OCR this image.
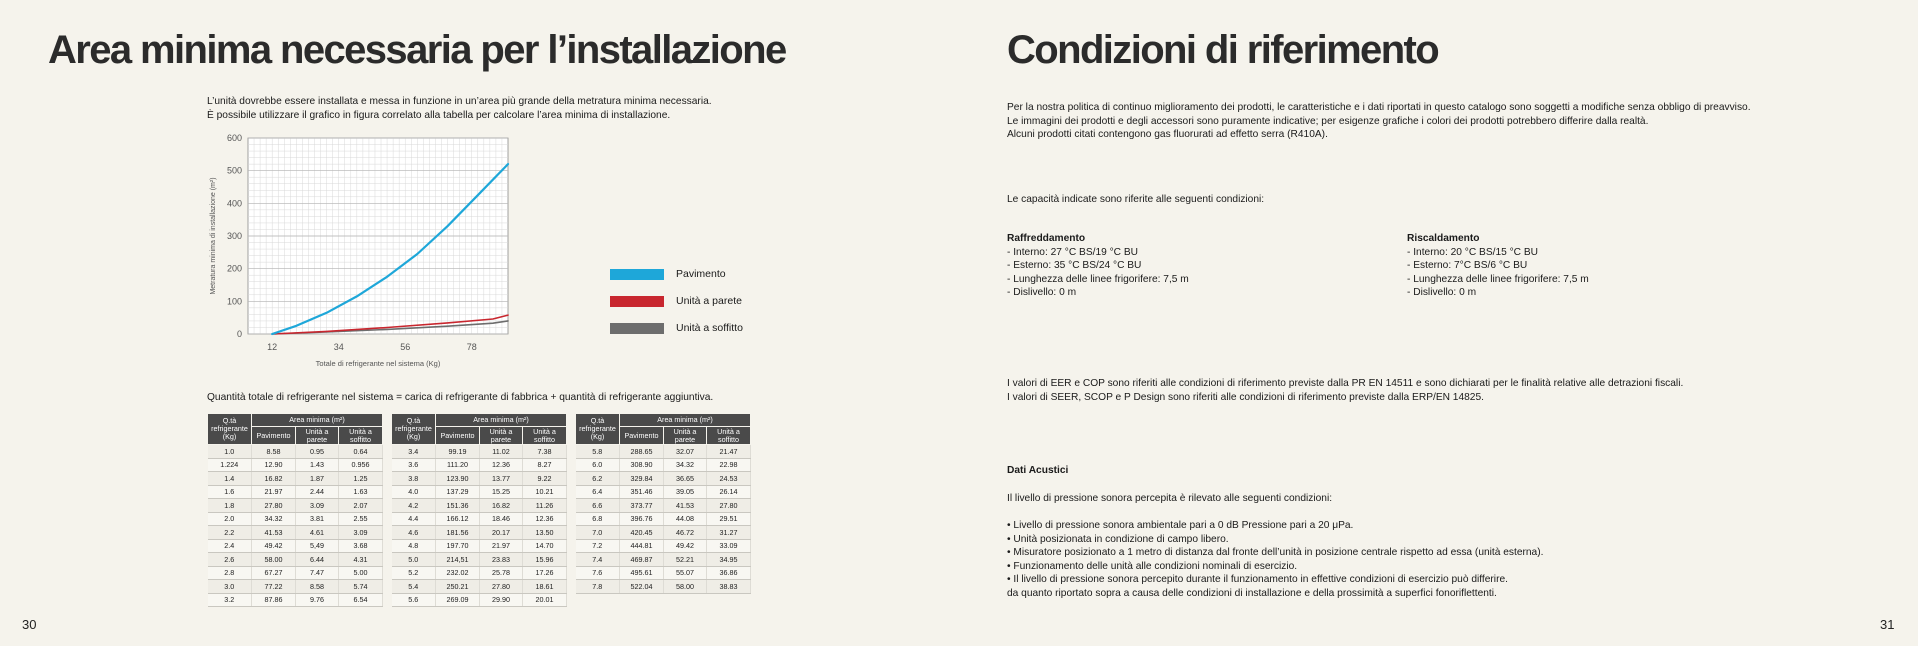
Area minima necessaria per l’installazione
L’unità dovrebbe essere installata e messa in funzione in un’area più grande della metratura minima necessaria.
È possibile utilizzare il grafico in figura correlato alla tabella per calcolare l’area minima di installazione.
0
100
200
300
400
500
600
12	34	56	78
Totale di refrigerante nel sistema (Kg)
Metratura minima di installazione (m²)	Pavimento
Unità a parete
Unità a soffitto
Quantità totale di refrigerante nel sistema = carica di refrigerante di fabbrica + quantità di refrigerante aggiuntiva.
Q.tà refrigerante (Kg)	Area minima (m²)		
	Pavimento	Unità a parete	Unità a soffitto
1.0	8.58	0.95	0.64
1.224	12.90	1.43	0.956
1.4	16.82	1.87	1.25
1.6	21.97	2.44	1.63
1.8	27.80	3.09	2.07
2.0	34.32	3.81	2.55
2.2	41.53	4.61	3.09
2.4	49.42	5,49	3.68
2.6	58.00	6.44	4.31
2.8	67.27	7.47	5.00
3.0	77.22	8.58	5.74
3.2	87.86	9.76	6.54
Q.tà refrigerante (Kg)	Area minima (m²)		
	Pavimento	Unità a parete	Unità a soffitto
3.4	99.19	11.02	7.38
3.6	111.20	12.36	8.27
3.8	123.90	13.77	9.22
4.0	137.29	15.25	10.21
4.2	151.36	16.82	11.26
4.4	166.12	18.46	12.36
4.6	181.56	20.17	13.50
4.8	197.70	21.97	14.70
5.0	214,51	23.83	15.96
5.2	232.02	25.78	17.26
5.4	250.21	27.80	18.61
5.6	269.09	29.90	20.01
Q.tà refrigerante (Kg)	Area minima (m²)		
	Pavimento	Unità a parete	Unità a soffitto
5.8	288.65	32.07	21.47
6.0	308.90	34.32	22.98
6.2	329.84	36.65	24.53
6.4	351.46	39.05	26.14
6.6	373.77	41.53	27.80
6.8	396.76	44.08	29.51
7.0	420.45	46.72	31.27
7.2	444.81	49.42	33.09
7.4	469.87	52.21	34.95
7.6	495.61	55.07	36.86
7.8	522.04	58.00	38.83
30
Condizioni di riferimento
Per la nostra politica di continuo miglioramento dei prodotti, le caratteristiche e i dati riportati in questo catalogo sono soggetti a modifiche senza obbligo di preavviso.
Le immagini dei prodotti e degli accessori sono puramente indicative; per esigenze grafiche i colori dei prodotti potrebbero differire dalla realtà.
Alcuni prodotti citati contengono gas fluorurati ad effetto serra (R410A).
Le capacità indicate sono riferite alle seguenti condizioni:
Raffreddamento
- Interno: 27 °C BS/19 °C BU
- Esterno: 35 °C BS/24 °C BU
- Lunghezza delle linee frigorifere: 7,5 m
- Dislivello: 0 m
Riscaldamento
- Interno: 20 °C BS/15 °C BU
- Esterno: 7°C BS/6 °C BU
- Lunghezza delle linee frigorifere: 7,5 m
- Dislivello: 0 m
I valori di EER e COP sono riferiti alle condizioni di riferimento previste dalla PR EN 14511 e sono dichiarati per le finalità relative alle detrazioni fiscali.
I valori di SEER, SCOP e P Design sono riferiti alle condizioni di riferimento previste dalla ERP/EN 14825.
Dati Acustici
Il livello di pressione sonora percepita è rilevato alle seguenti condizioni:
• Livello di pressione sonora ambientale pari a 0 dB Pressione pari a 20 μPa.
• Unità posizionata in condizione di campo libero.
• Misuratore posizionato a 1 metro di distanza dal fronte dell’unità in posizione centrale rispetto ad essa (unità esterna).
• Funzionamento delle unità alle condizioni nominali di esercizio.
• Il livello di pressione sonora percepito durante il funzionamento in effettive condizioni di esercizio può differire.
da quanto riportato sopra a causa delle condizioni di installazione e della prossimità a superfici fonoriflettenti.
31
